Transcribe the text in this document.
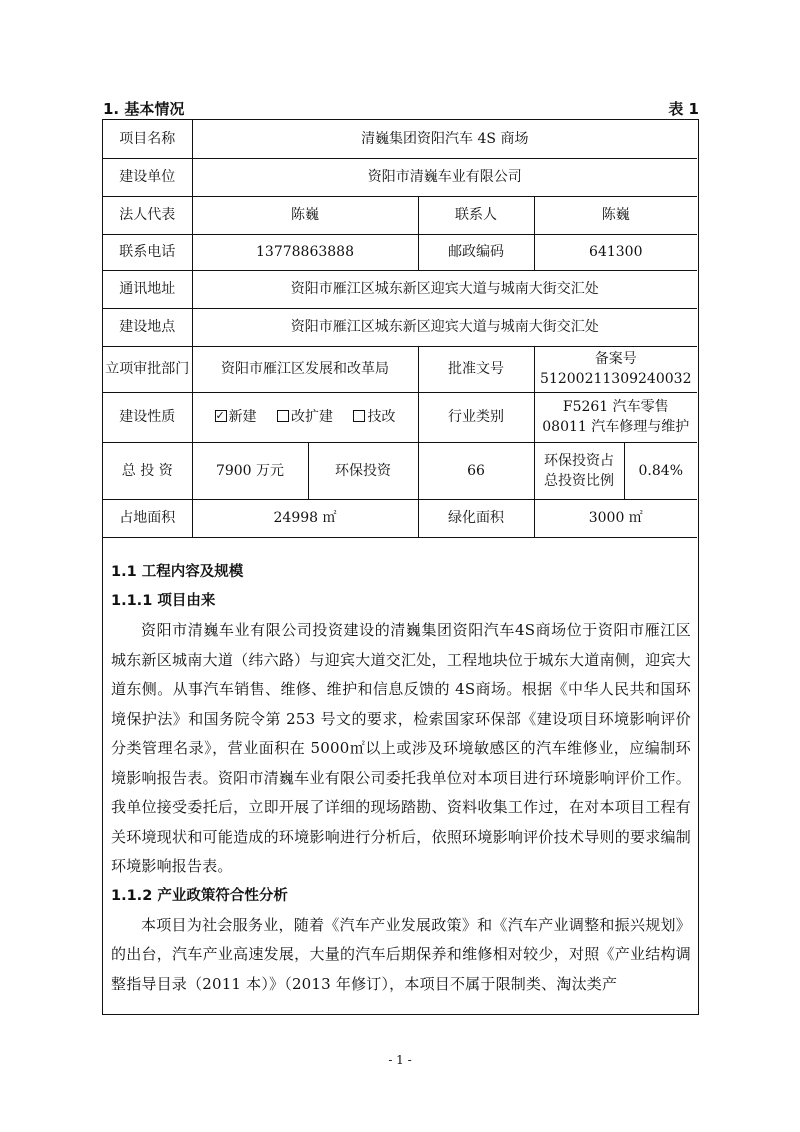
1. 基本情况	表 1
项目名称	清巍集团资阳汽车 4S 商场				
建设单位	资阳市清巍车业有限公司				
法人代表	陈巍		联系人	陈巍	
联系电话	13778863888		邮政编码	641300	
通讯地址	资阳市雁江区城东新区迎宾大道与城南大街交汇处				
建设地点	资阳市雁江区城东新区迎宾大道与城南大街交汇处				
立项审批部门	资阳市雁江区发展和改革局		批准文号	备案号
51200211309240032	

建设性质	✓新建 改扩建 技改		行业类别	F5261 汽车零售
08011 汽车修理与维护	

总 投 资	7900 万元	环保投资	66	环保投资占
总投资比例	0.84%
占地面积	24998 ㎡		绿化面积	3000 ㎡	
1.1 工程内容及规模
1.1.1 项目由来

资阳市清巍车业有限公司投资建设的清巍集团资阳汽车4S商场位于资阳市雁江区城东新区城南大道（纬六路）与迎宾大道交汇处，工程地块位于城东大道南侧，迎宾大道东侧。从事汽车销售、维修、维护和信息反馈的 4S商场。根据《中华人民共和国环境保护法》和国务院令第 253 号文的要求，检索国家环保部《建设项目环境影响评价分类管理名录》，营业面积在 5000㎡以上或涉及环境敏感区的汽车维修业，应编制环境影响报告表。资阳市清巍车业有限公司委托我单位对本项目进行环境影响评价工作。我单位接受委托后，立即开展了详细的现场踏勘、资料收集工作过，在对本项目工程有关环境现状和可能造成的环境影响进行分析后，依照环境影响评价技术导则的要求编制环境影响报告表。

1.1.2 产业政策符合性分析

本项目为社会服务业，随着《汽车产业发展政策》和《汽车产业调整和振兴规划》的出台，汽车产业高速发展，大量的汽车后期保养和维修相对较少，对照《产业结构调整指导目录（2011 本）》（2013 年修订），本项目不属于限制类、淘汰类产

- 1 -
